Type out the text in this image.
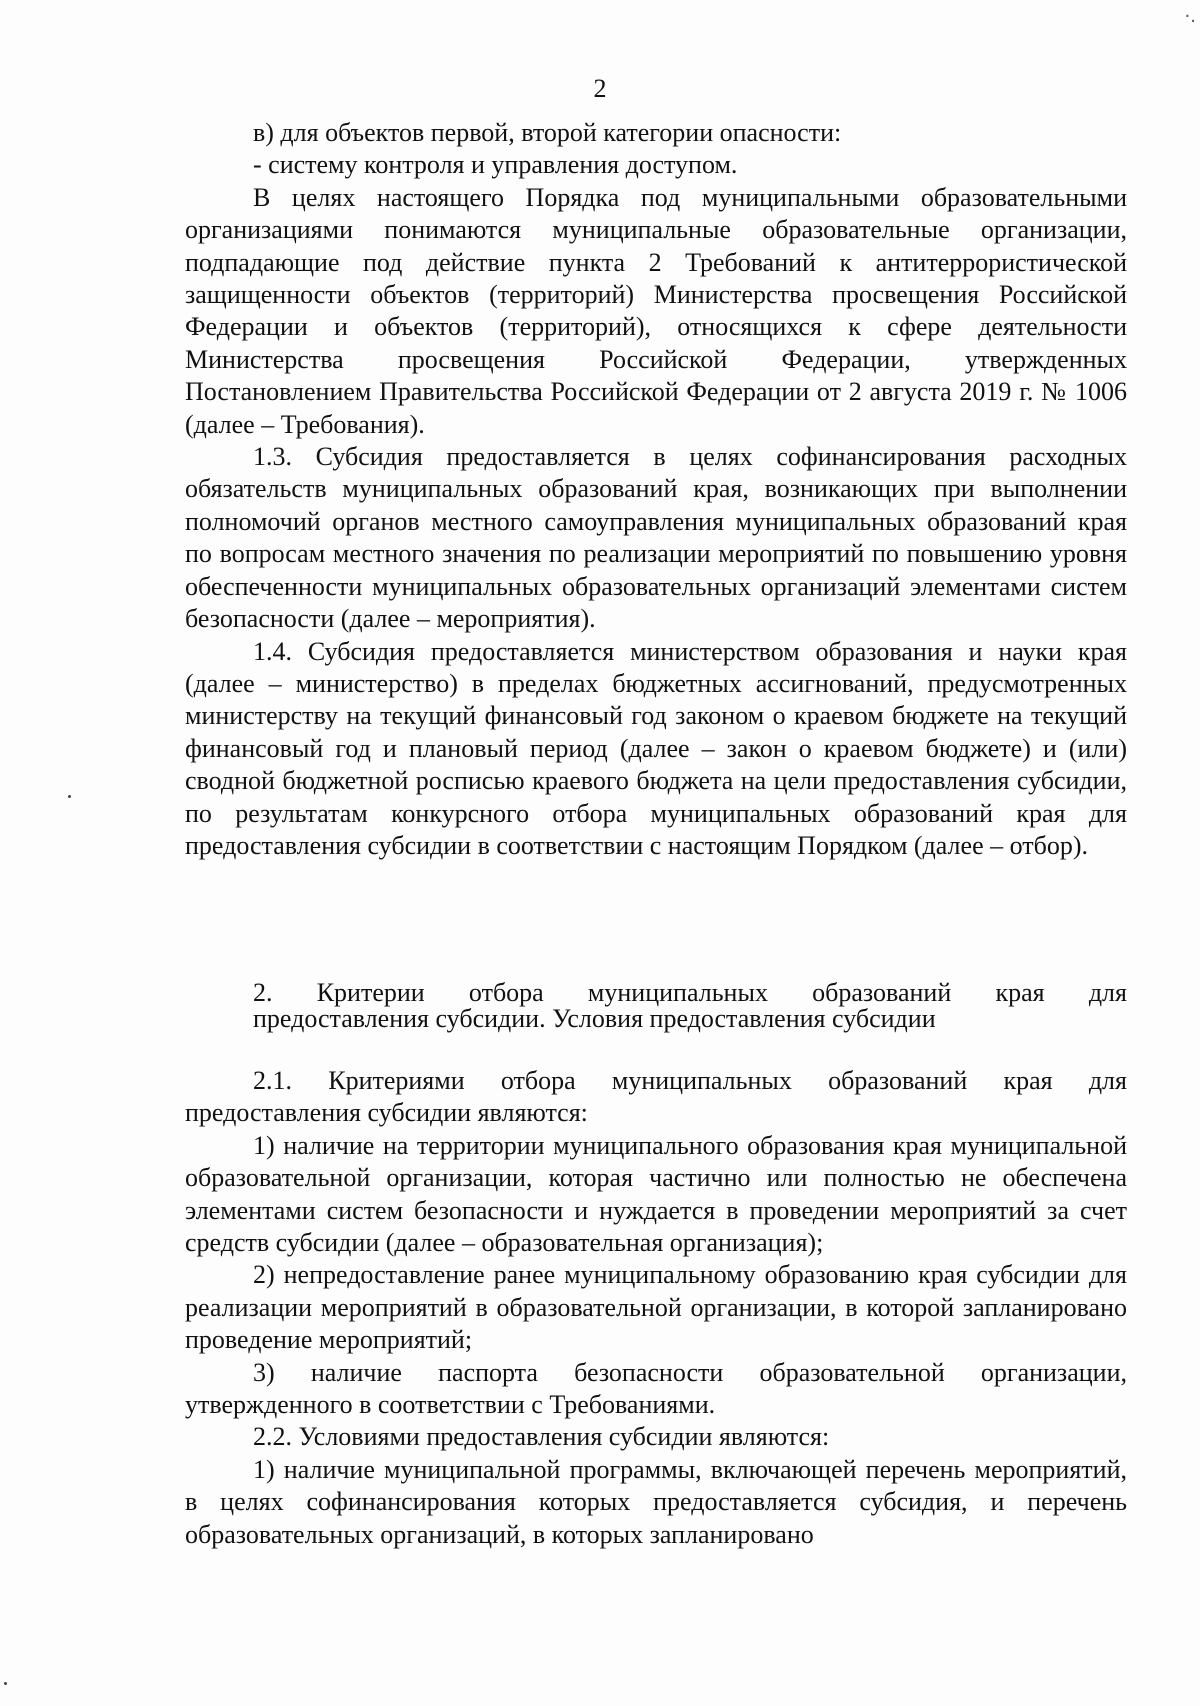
·.
2

в) для объектов первой, второй категории опасности:

- систему контроля и управления доступом.

В целях настоящего Порядка под муниципальными образовательными организациями понимаются муниципальные образовательные организации, подпадающие под действие пункта 2 Требований к антитеррористической защищенности объектов (территорий) Министерства просвещения Российской Федерации и объектов (территорий), относящихся к сфере деятельности Министерства просвещения Российской Федерации, утвержденных Постановлением Правительства Российской Федерации от 2 августа 2019 г. № 1006 (далее – Требования).

1.3. Субсидия предоставляется в целях софинансирования расходных обязательств муниципальных образований края, возникающих при выполнении полномочий органов местного самоуправления муниципальных образований края по вопросам местного значения по реализации мероприятий по повышению уровня обеспеченности муниципальных образовательных организаций элементами систем безопасности (далее – мероприятия).

1.4. Субсидия предоставляется министерством образования и науки края (далее – министерство) в пределах бюджетных ассигнований, предусмотренных министерству на текущий финансовый год законом о краевом бюджете на текущий финансовый год и плановый период (далее – закон о краевом бюджете) и (или) сводной бюджетной росписью краевого бюджета на цели предоставления субсидии, по результатам конкурсного отбора муниципальных образований края для предоставления субсидии в соответствии с настоящим Порядком (далее – отбор).

2. Критерии отбора муниципальных образований края для

предоставления субсидии. Условия предоставления субсидии

2.1. Критериями отбора муниципальных образований края для предоставления субсидии являются:

1) наличие на территории муниципального образования края муниципальной образовательной организации, которая частично или полностью не обеспечена элементами систем безопасности и нуждается в проведении мероприятий за счет средств субсидии (далее – образовательная организация);

2) непредоставление ранее муниципальному образованию края субсидии для реализации мероприятий в образовательной организации, в которой запланировано проведение мероприятий;

3) наличие паспорта безопасности образовательной организации, утвержденного в соответствии с Требованиями.

2.2. Условиями предоставления субсидии являются:

1) наличие муниципальной программы, включающей перечень мероприятий, в целях софинансирования которых предоставляется субсидия, и перечень образовательных организаций, в которых запланировано
